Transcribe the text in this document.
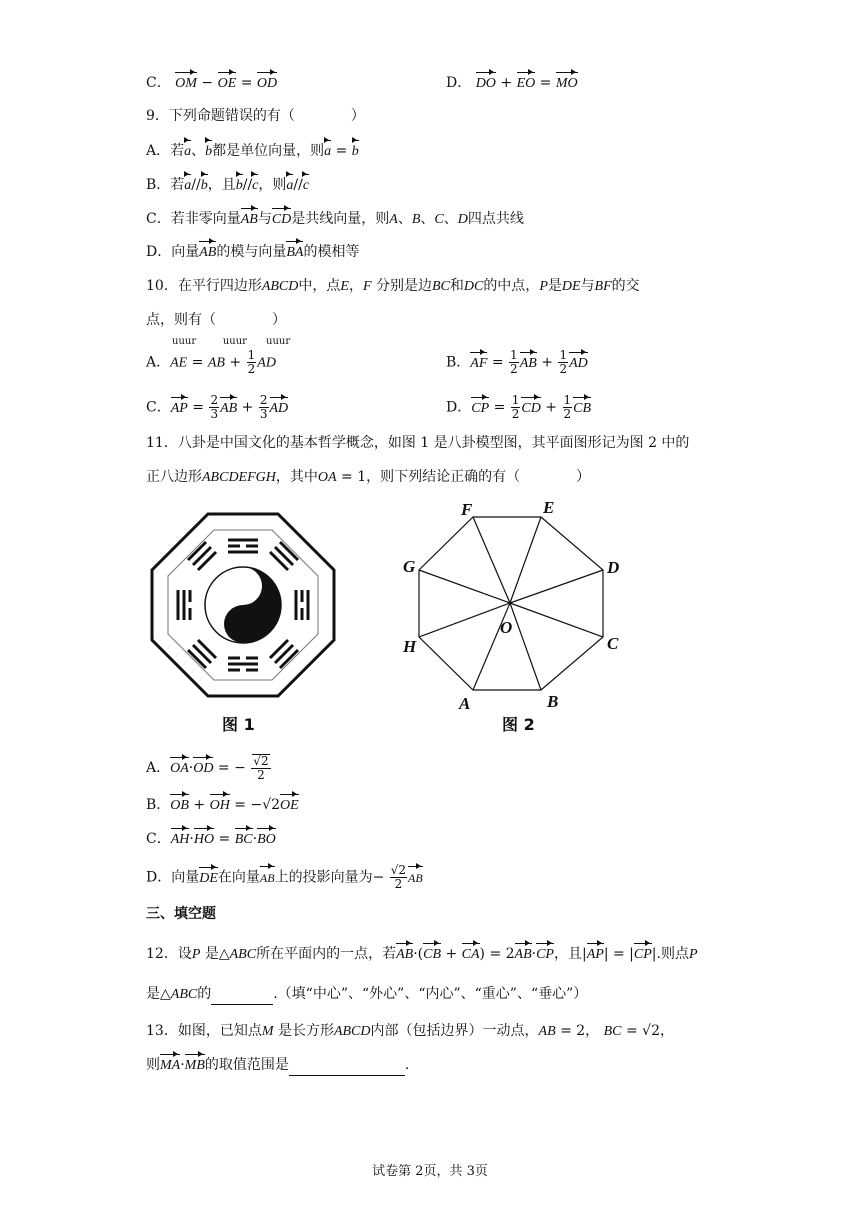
C． OM − OE = OD	D． DO + EO = MO
9．下列命题错误的有（　　　　）
A．若a、b都是单位向量，则a = b
B．若a//b，且b//c，则a//c
C．若非零向量AB与CD是共线向量，则A、B、C、D四点共线
D．向量AB的模与向量BA的模相等
10．在平行四边形ABCD中，点E，F 分别是边BC和DC的中点，P是DE与BF的交
点，则有（　　　　）
uuur	uuur uuur
A．AE = AB + $\frac{1}{2}$ AD	B．AF = $\frac{1}{2}$ AB + $\frac{1}{2}$ AD
C．AP = $\frac{2}{3}$ AB + $\frac{2}{3}$ AD	D．CP = $\frac{1}{2}$ CD + $\frac{1}{2}$ CB
11．八卦是中国文化的基本哲学概念，如图 1 是八卦模型图，其平面图形记为图 2 中的
正八边形ABCDEFGH，其中OA = 1，则下列结论正确的有（　　　　）
图 1
F	E
D
C
B
A
H
G
O
图 2
A．OA·OD = − $\frac{√2}{2}$
B．OB + OH = −√2OE
C．AH·HO = BC·BO
D．向量DE在向量AB上的投影向量为− $\frac{√2}{2}$ AB
三、填空题
12．设P 是△ABC所在平面内的一点，若AB·(CB + CA) = 2AB·CP，且|AP| = |CP|.则点P
是△ABC的	.（填“中心”、“外心”、“内心”、“重心”、“垂心”）
13．如图，已知点M 是长方形ABCD内部（包括边界）一动点，AB = 2， BC = √2，
则MA·MB的取值范围是	.
试卷第 2页，共 3页
